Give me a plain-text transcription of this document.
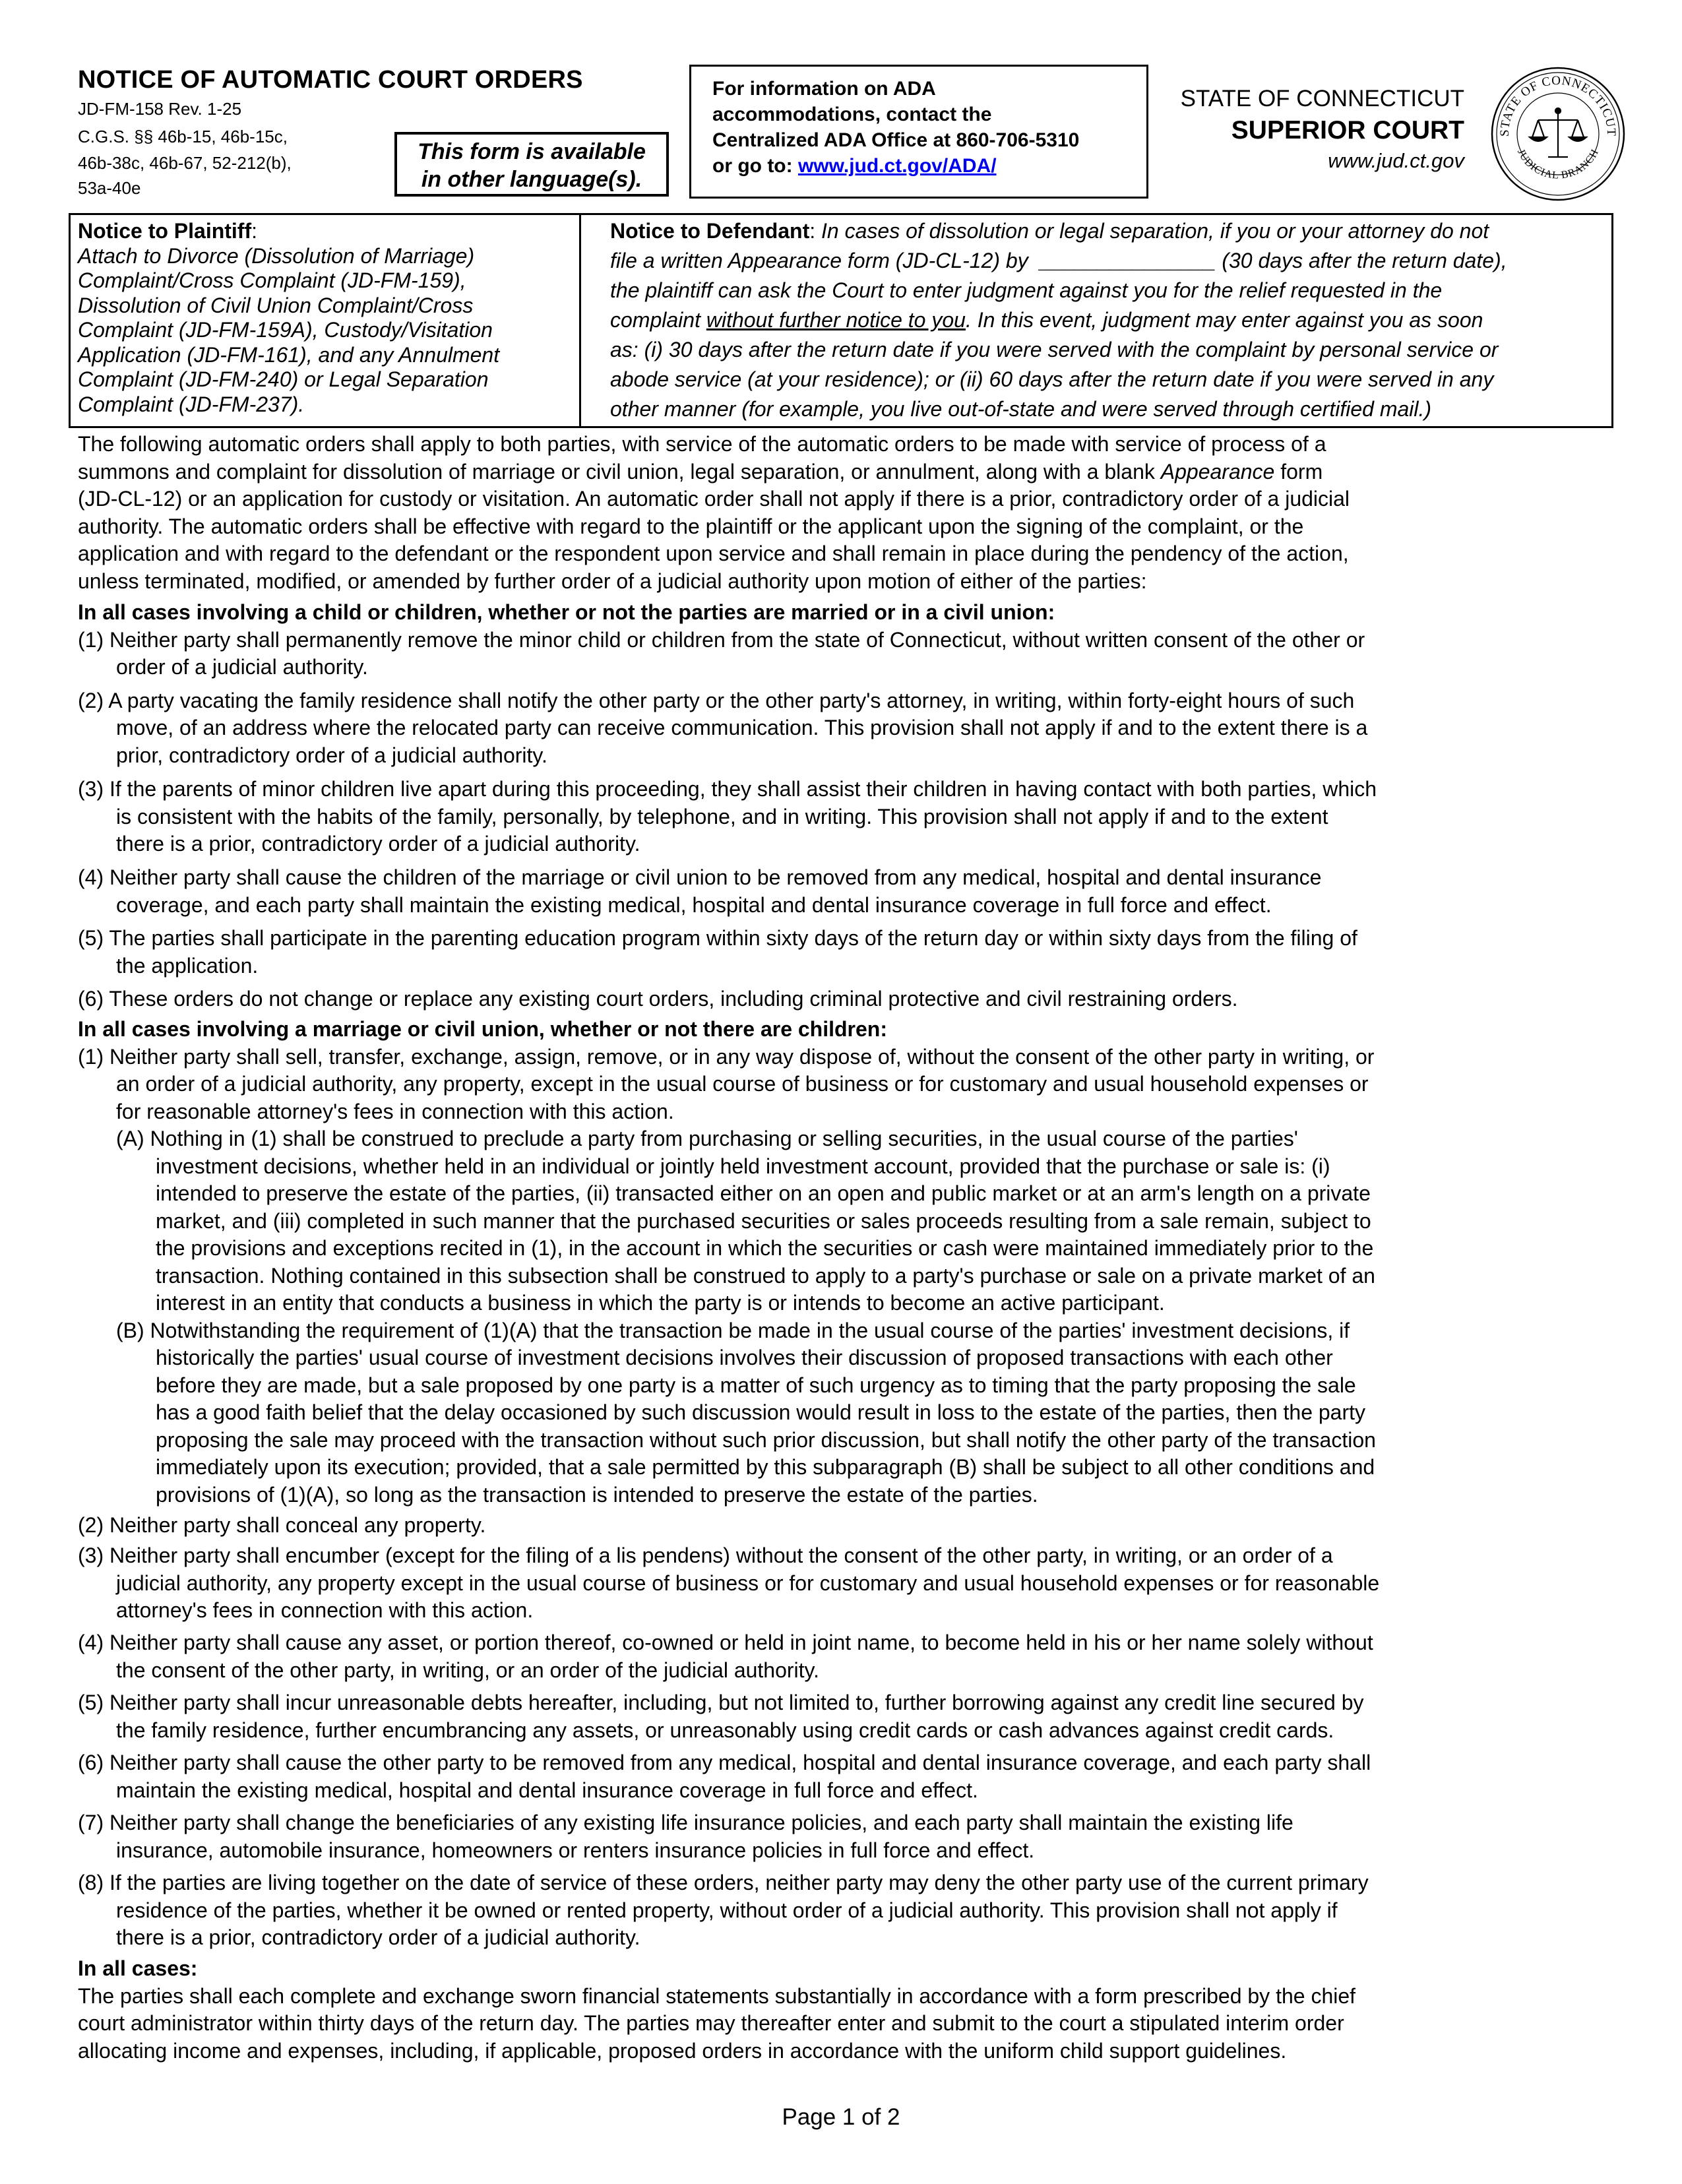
NOTICE OF AUTOMATIC COURT ORDERS
JD-FM-158 Rev. 1-25
C.G.S. §§ 46b-15, 46b-15c,
46b-38c, 46b-67, 52-212(b),
53a-40e
This form is available
in other language(s).
For information on ADA
accommodations, contact the
Centralized ADA Office at 860-706-5310
or go to: www.jud.ct.gov/ADA/
STATE OF CONNECTICUT
SUPERIOR COURT
www.jud.ct.gov
STATE OF CONNECTICUT
JUDICIAL BRANCH
Notice to Plaintiff:
Attach to Divorce (Dissolution of Marriage)
Complaint/Cross Complaint (JD-FM-159),
Dissolution of Civil Union Complaint/Cross
Complaint (JD-FM-159A), Custody/Visitation
Application (JD-FM-161), and any Annulment
Complaint (JD-FM-240) or Legal Separation
Complaint (JD-FM-237).
Notice to Defendant: In cases of dissolution or legal separation, if you or your attorney do not
file a written Appearance form (JD-CL-12) by _______________ (30 days after the return date),
the plaintiff can ask the Court to enter judgment against you for the relief requested in the
complaint without further notice to you. In this event, judgment may enter against you as soon
as: (i) 30 days after the return date if you were served with the complaint by personal service or
abode service (at your residence); or (ii) 60 days after the return date if you were served in any
other manner (for example, you live out-of-state and were served through certified mail.)
The following automatic orders shall apply to both parties, with service of the automatic orders to be made with service of process of a
summons and complaint for dissolution of marriage or civil union, legal separation, or annulment, along with a blank Appearance form
(JD-CL-12) or an application for custody or visitation. An automatic order shall not apply if there is a prior, contradictory order of a judicial
authority. The automatic orders shall be effective with regard to the plaintiff or the applicant upon the signing of the complaint, or the
application and with regard to the defendant or the respondent upon service and shall remain in place during the pendency of the action,
unless terminated, modified, or amended by further order of a judicial authority upon motion of either of the parties:
In all cases involving a child or children, whether or not the parties are married or in a civil union:
(1) Neither party shall permanently remove the minor child or children from the state of Connecticut, without written consent of the other or
order of a judicial authority.
(2) A party vacating the family residence shall notify the other party or the other party's attorney, in writing, within forty-eight hours of such
move, of an address where the relocated party can receive communication. This provision shall not apply if and to the extent there is a
prior, contradictory order of a judicial authority.
(3) If the parents of minor children live apart during this proceeding, they shall assist their children in having contact with both parties, which
is consistent with the habits of the family, personally, by telephone, and in writing. This provision shall not apply if and to the extent
there is a prior, contradictory order of a judicial authority.
(4) Neither party shall cause the children of the marriage or civil union to be removed from any medical, hospital and dental insurance
coverage, and each party shall maintain the existing medical, hospital and dental insurance coverage in full force and effect.
(5) The parties shall participate in the parenting education program within sixty days of the return day or within sixty days from the filing of
the application.
(6) These orders do not change or replace any existing court orders, including criminal protective and civil restraining orders.
In all cases involving a marriage or civil union, whether or not there are children:
(1) Neither party shall sell, transfer, exchange, assign, remove, or in any way dispose of, without the consent of the other party in writing, or
an order of a judicial authority, any property, except in the usual course of business or for customary and usual household expenses or
for reasonable attorney's fees in connection with this action.
(A) Nothing in (1) shall be construed to preclude a party from purchasing or selling securities, in the usual course of the parties'
investment decisions, whether held in an individual or jointly held investment account, provided that the purchase or sale is: (i)
intended to preserve the estate of the parties, (ii) transacted either on an open and public market or at an arm's length on a private
market, and (iii) completed in such manner that the purchased securities or sales proceeds resulting from a sale remain, subject to
the provisions and exceptions recited in (1), in the account in which the securities or cash were maintained immediately prior to the
transaction. Nothing contained in this subsection shall be construed to apply to a party's purchase or sale on a private market of an
interest in an entity that conducts a business in which the party is or intends to become an active participant.
(B) Notwithstanding the requirement of (1)(A) that the transaction be made in the usual course of the parties' investment decisions, if
historically the parties' usual course of investment decisions involves their discussion of proposed transactions with each other
before they are made, but a sale proposed by one party is a matter of such urgency as to timing that the party proposing the sale
has a good faith belief that the delay occasioned by such discussion would result in loss to the estate of the parties, then the party
proposing the sale may proceed with the transaction without such prior discussion, but shall notify the other party of the transaction
immediately upon its execution; provided, that a sale permitted by this subparagraph (B) shall be subject to all other conditions and
provisions of (1)(A), so long as the transaction is intended to preserve the estate of the parties.
(2) Neither party shall conceal any property.
(3) Neither party shall encumber (except for the filing of a lis pendens) without the consent of the other party, in writing, or an order of a
judicial authority, any property except in the usual course of business or for customary and usual household expenses or for reasonable
attorney's fees in connection with this action.
(4) Neither party shall cause any asset, or portion thereof, co-owned or held in joint name, to become held in his or her name solely without
the consent of the other party, in writing, or an order of the judicial authority.
(5) Neither party shall incur unreasonable debts hereafter, including, but not limited to, further borrowing against any credit line secured by
the family residence, further encumbrancing any assets, or unreasonably using credit cards or cash advances against credit cards.
(6) Neither party shall cause the other party to be removed from any medical, hospital and dental insurance coverage, and each party shall
maintain the existing medical, hospital and dental insurance coverage in full force and effect.
(7) Neither party shall change the beneficiaries of any existing life insurance policies, and each party shall maintain the existing life
insurance, automobile insurance, homeowners or renters insurance policies in full force and effect.
(8) If the parties are living together on the date of service of these orders, neither party may deny the other party use of the current primary
residence of the parties, whether it be owned or rented property, without order of a judicial authority. This provision shall not apply if
there is a prior, contradictory order of a judicial authority.
In all cases:
The parties shall each complete and exchange sworn financial statements substantially in accordance with a form prescribed by the chief
court administrator within thirty days of the return day. The parties may thereafter enter and submit to the court a stipulated interim order
allocating income and expenses, including, if applicable, proposed orders in accordance with the uniform child support guidelines.
Page 1 of 2
